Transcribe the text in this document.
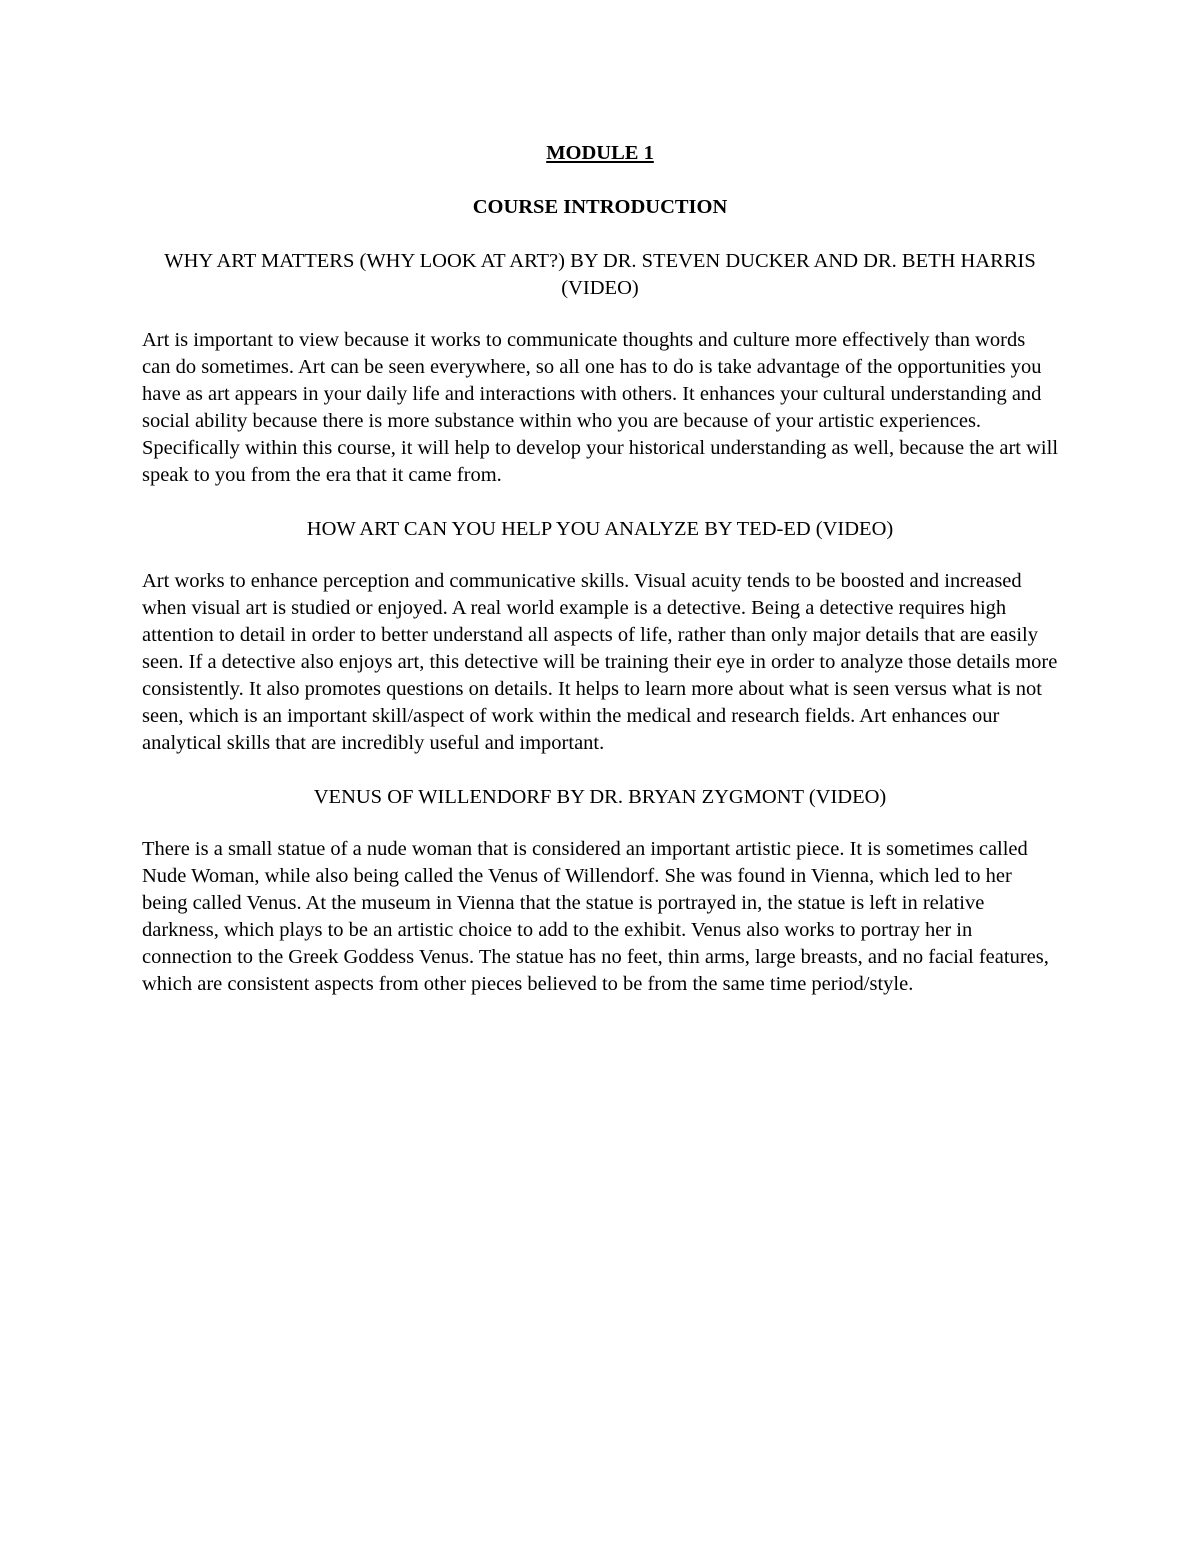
MODULE 1

COURSE INTRODUCTION

WHY ART MATTERS (WHY LOOK AT ART?) BY DR. STEVEN DUCKER AND DR. BETH HARRIS (VIDEO)

Art is important to view because it works to communicate thoughts and culture more effectively than words can do sometimes. Art can be seen everywhere, so all one has to do is take advantage of the opportunities you have as art appears in your daily life and interactions with others. It enhances your cultural understanding and social ability because there is more substance within who you are because of your artistic experiences. Specifically within this course, it will help to develop your historical understanding as well, because the art will speak to you from the era that it came from.

HOW ART CAN YOU HELP YOU ANALYZE BY TED-ED (VIDEO)

Art works to enhance perception and communicative skills. Visual acuity tends to be boosted and increased when visual art is studied or enjoyed. A real world example is a detective. Being a detective requires high attention to detail in order to better understand all aspects of life, rather than only major details that are easily seen. If a detective also enjoys art, this detective will be training their eye in order to analyze those details more consistently. It also promotes questions on details. It helps to learn more about what is seen versus what is not seen, which is an important skill/aspect of work within the medical and research fields. Art enhances our analytical skills that are incredibly useful and important.

VENUS OF WILLENDORF BY DR. BRYAN ZYGMONT (VIDEO)

There is a small statue of a nude woman that is considered an important artistic piece. It is sometimes called Nude Woman, while also being called the Venus of Willendorf. She was found in Vienna, which led to her being called Venus. At the museum in Vienna that the statue is portrayed in, the statue is left in relative darkness, which plays to be an artistic choice to add to the exhibit. Venus also works to portray her in connection to the Greek Goddess Venus. The statue has no feet, thin arms, large breasts, and no facial features, which are consistent aspects from other pieces believed to be from the same time period/style.
